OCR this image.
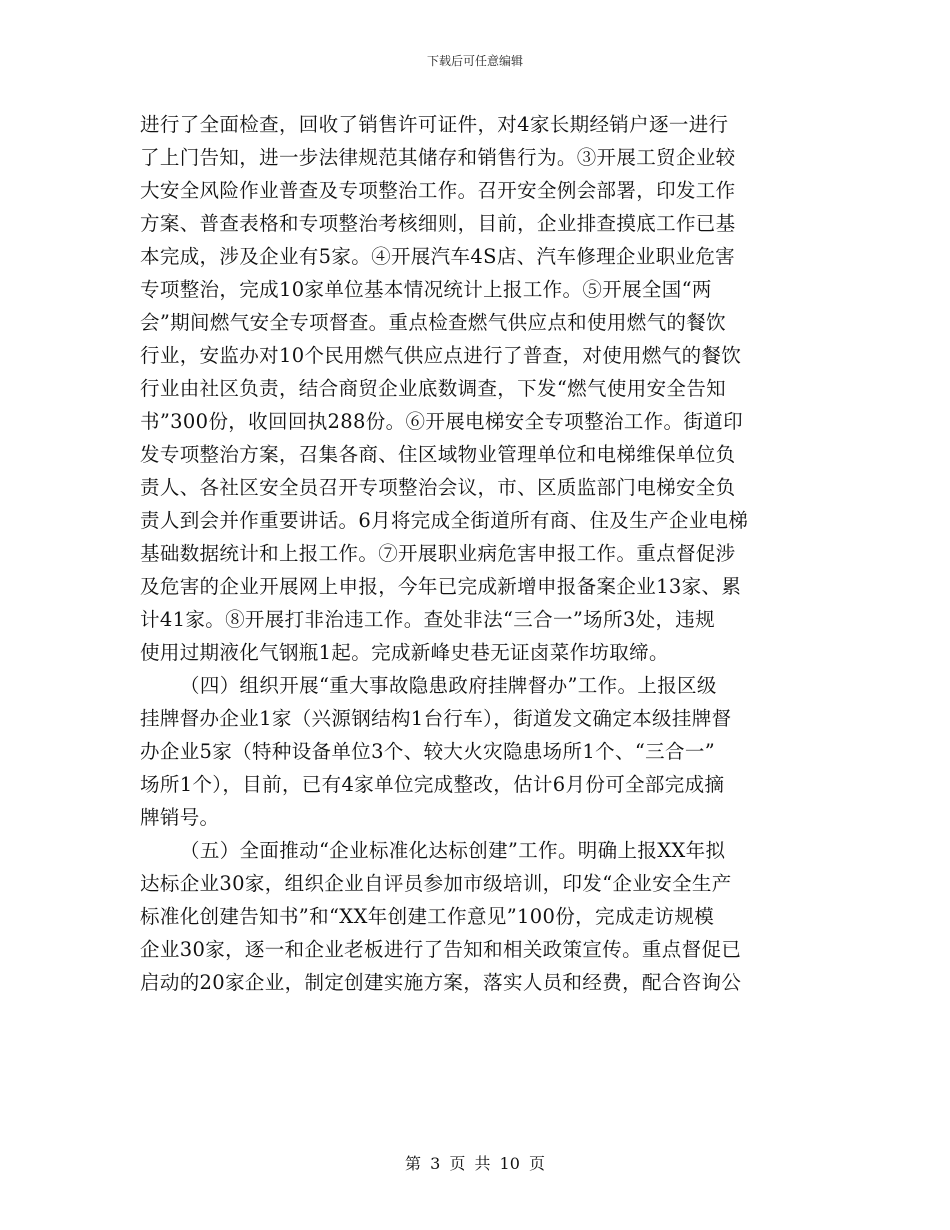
下载后可任意编辑
进行了全面检查，回收了销售许可证件，对4家长期经销户逐一进行
了上门告知，进一步法律规范其储存和销售行为。③开展工贸企业较
大安全风险作业普查及专项整治工作。召开安全例会部署，印发工作
方案、普查表格和专项整治考核细则，目前，企业排查摸底工作已基
本完成，涉及企业有5家。④开展汽车4S店、汽车修理企业职业危害
专项整治，完成10家单位基本情况统计上报工作。⑤开展全国“两
会”期间燃气安全专项督查。重点检查燃气供应点和使用燃气的餐饮
行业，安监办对10个民用燃气供应点进行了普查，对使用燃气的餐饮
行业由社区负责，结合商贸企业底数调查，下发“燃气使用安全告知
书”300份，收回回执288份。⑥开展电梯安全专项整治工作。街道印
发专项整治方案，召集各商、住区域物业管理单位和电梯维保单位负
责人、各社区安全员召开专项整治会议，市、区质监部门电梯安全负
责人到会并作重要讲话。6月将完成全街道所有商、住及生产企业电梯
基础数据统计和上报工作。⑦开展职业病危害申报工作。重点督促涉
及危害的企业开展网上申报，今年已完成新增申报备案企业13家、累
计41家。⑧开展打非治违工作。查处非法“三合一”场所3处，违规
使用过期液化气钢瓶1起。完成新峰史巷无证卤菜作坊取缔。
（四）组织开展“重大事故隐患政府挂牌督办”工作。上报区级
挂牌督办企业1家（兴源钢结构1台行车），街道发文确定本级挂牌督
办企业5家（特种设备单位3个、较大火灾隐患场所1个、“三合一”
场所1个），目前，已有4家单位完成整改，估计6月份可全部完成摘
牌销号。
（五）全面推动“企业标准化达标创建”工作。明确上报XX年拟
达标企业30家，组织企业自评员参加市级培训，印发“企业安全生产
标准化创建告知书”和“XX年创建工作意见”100份，完成走访规模
企业30家，逐一和企业老板进行了告知和相关政策宣传。重点督促已
启动的20家企业，制定创建实施方案，落实人员和经费，配合咨询公
第 3 页 共 10 页
